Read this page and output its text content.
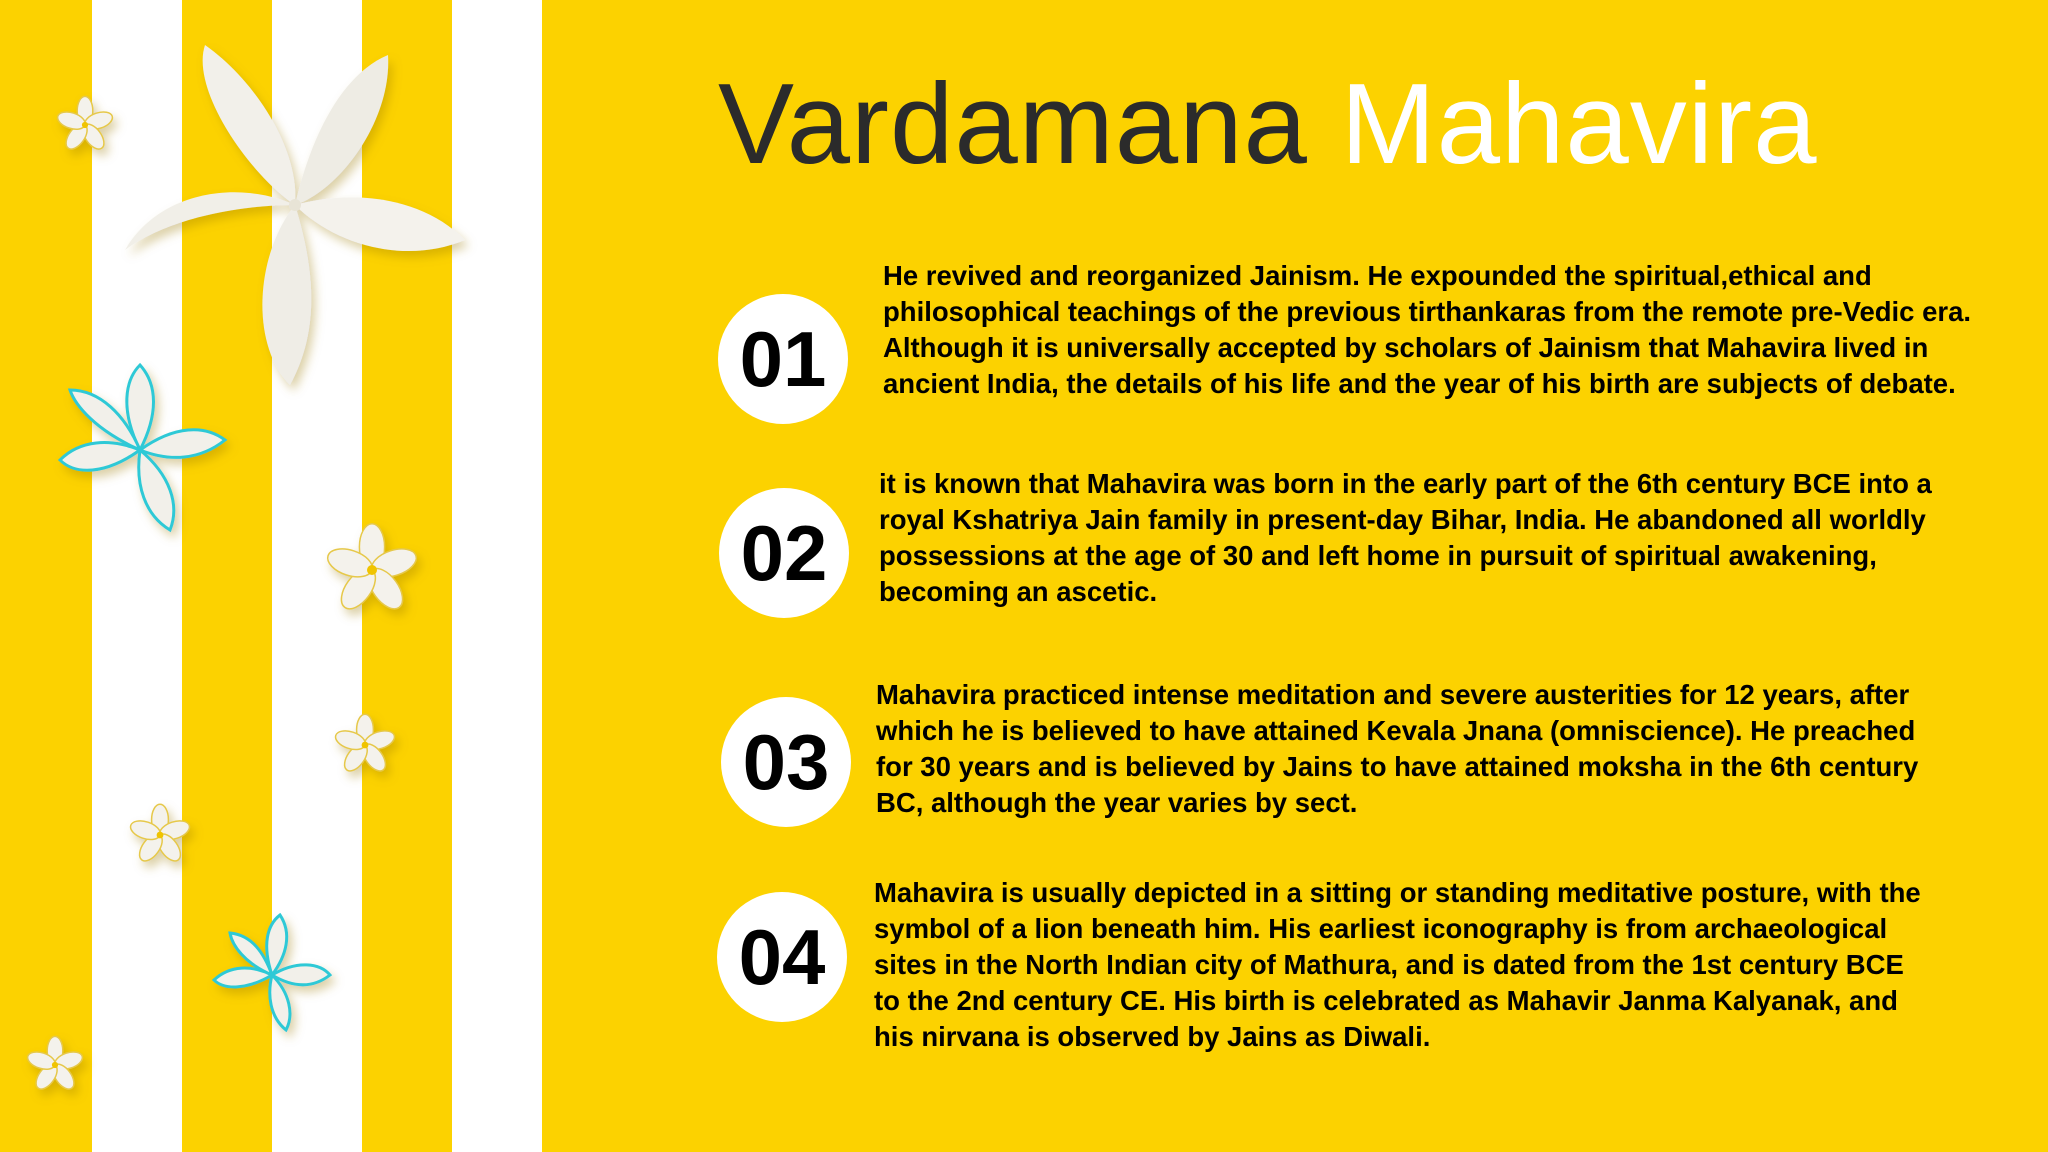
Vardamana Mahavira
01

He revived and reorganized Jainism. He expounded the spiritual,ethical and philosophical teachings of the previous tirthankaras from the remote pre-Vedic era. Although it is universally accepted by scholars of Jainism that Mahavira lived in ancient India, the details of his life and the year of his birth are subjects of debate.

02

it is known that Mahavira was born in the early part of the 6th century BCE into a royal Kshatriya Jain family in present-day Bihar, India. He abandoned all worldly possessions at the age of 30 and left home in pursuit of spiritual awakening, becoming an ascetic.

03

Mahavira practiced intense meditation and severe austerities for 12 years, after which he is believed to have attained Kevala Jnana (omniscience). He preached for 30 years and is believed by Jains to have attained moksha in the 6th century BC, although the year varies by sect.

04

Mahavira is usually depicted in a sitting or standing meditative posture, with the symbol of a lion beneath him. His earliest iconography is from archaeological sites in the North Indian city of Mathura, and is dated from the 1st century BCE to the 2nd century CE. His birth is celebrated as Mahavir Janma Kalyanak, and his nirvana is observed by Jains as Diwali.
